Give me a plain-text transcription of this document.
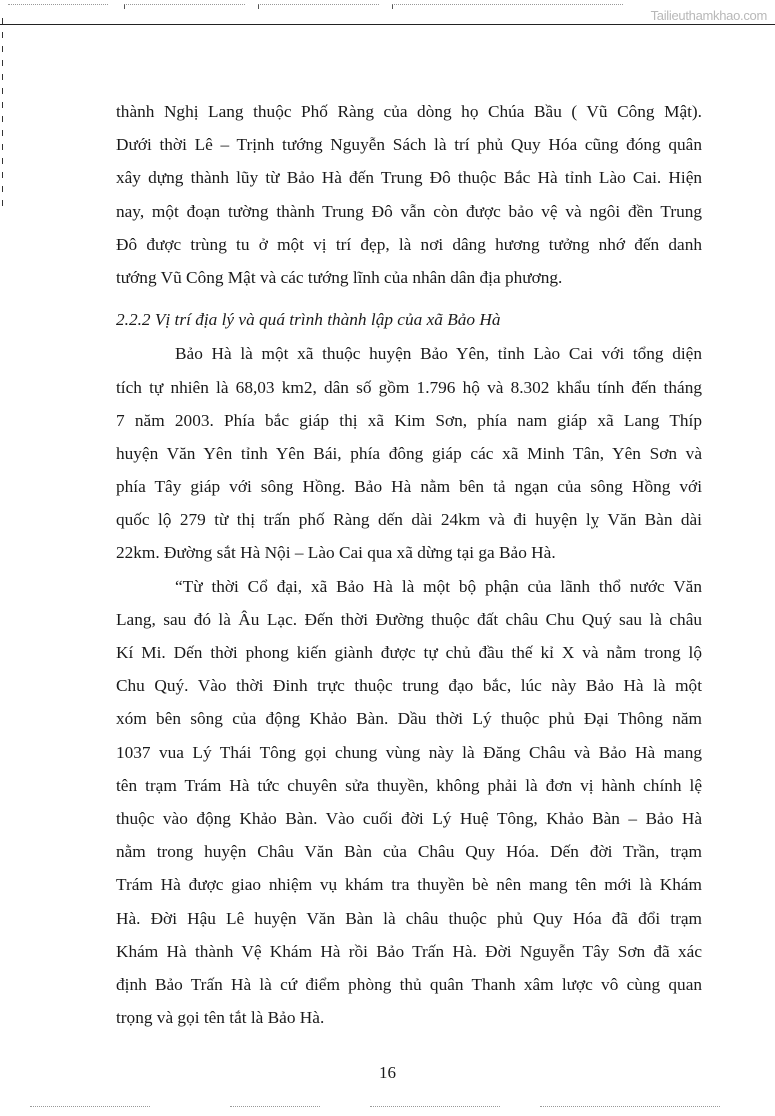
Tailieuthamkhao.com
thành Nghị Lang thuộc Phố Ràng của dòng họ Chúa Bầu ( Vũ Công Mật).
Dưới thời Lê – Trịnh tướng Nguyễn Sách là trí phủ Quy Hóa cũng đóng quân
xây dựng thành lũy từ Bảo Hà đến Trung Đô thuộc Bắc Hà tỉnh Lào Cai. Hiện
nay, một đoạn tường thành Trung Đô vẫn còn được bảo vệ và ngôi đền Trung
Đô được trùng tu ở một vị trí đẹp, là nơi dâng hương tưởng nhớ đến danh
tướng Vũ Công Mật và các tướng lĩnh của nhân dân địa phương.
2.2.2 Vị trí địa lý và quá trình thành lập của xã Bảo Hà
Bảo Hà là một xã thuộc huyện Bảo Yên, tỉnh Lào Cai với tổng diện
tích tự nhiên là 68,03 km2, dân số gồm 1.796 hộ và 8.302 khẩu tính đến tháng
7 năm 2003. Phía bắc giáp thị xã Kim Sơn, phía nam giáp xã Lang Thíp
huyện Văn Yên tỉnh Yên Bái, phía đông giáp các xã Minh Tân, Yên Sơn và
phía Tây giáp với sông Hồng. Bảo Hà nằm bên tả ngạn của sông Hồng với
quốc lộ 279 từ thị trấn phố Ràng dến dài 24km và đi huyện lỵ Văn Bàn dài
22km. Đường sắt Hà Nội – Lào Cai qua xã dừng tại ga Bảo Hà.
“Từ thời Cổ đại, xã Bảo Hà là một bộ phận của lãnh thổ nước Văn
Lang, sau đó là Âu Lạc. Đến thời Đường thuộc đất châu Chu Quý sau là châu
Kí Mi. Dến thời phong kiến giành được tự chủ đầu thế kỉ X và nằm trong lộ
Chu Quý. Vào thời Đinh trực thuộc trung đạo bắc, lúc này Bảo Hà là một
xóm bên sông của động Khảo Bàn. Dầu thời Lý thuộc phủ Đại Thông năm
1037 vua Lý Thái Tông gọi chung vùng này là Đăng Châu và Bảo Hà mang
tên trạm Trám Hà tức chuyên sửa thuyền, không phải là đơn vị hành chính lệ
thuộc vào động Khảo Bàn. Vào cuối đời Lý Huệ Tông, Khảo Bàn – Bảo Hà
nằm trong huyện Châu Văn Bàn của Châu Quy Hóa. Dến đời Trần, trạm
Trám Hà được giao nhiệm vụ khám tra thuyền bè nên mang tên mới là Khám
Hà. Đời Hậu Lê huyện Văn Bàn là châu thuộc phủ Quy Hóa đã đổi trạm
Khám Hà thành Vệ Khám Hà rồi Bảo Trấn Hà. Đời Nguyễn Tây Sơn đã xác
định Bảo Trấn Hà là cứ điểm phòng thủ quân Thanh xâm lược vô cùng quan
trọng và gọi tên tắt là Bảo Hà.
16
